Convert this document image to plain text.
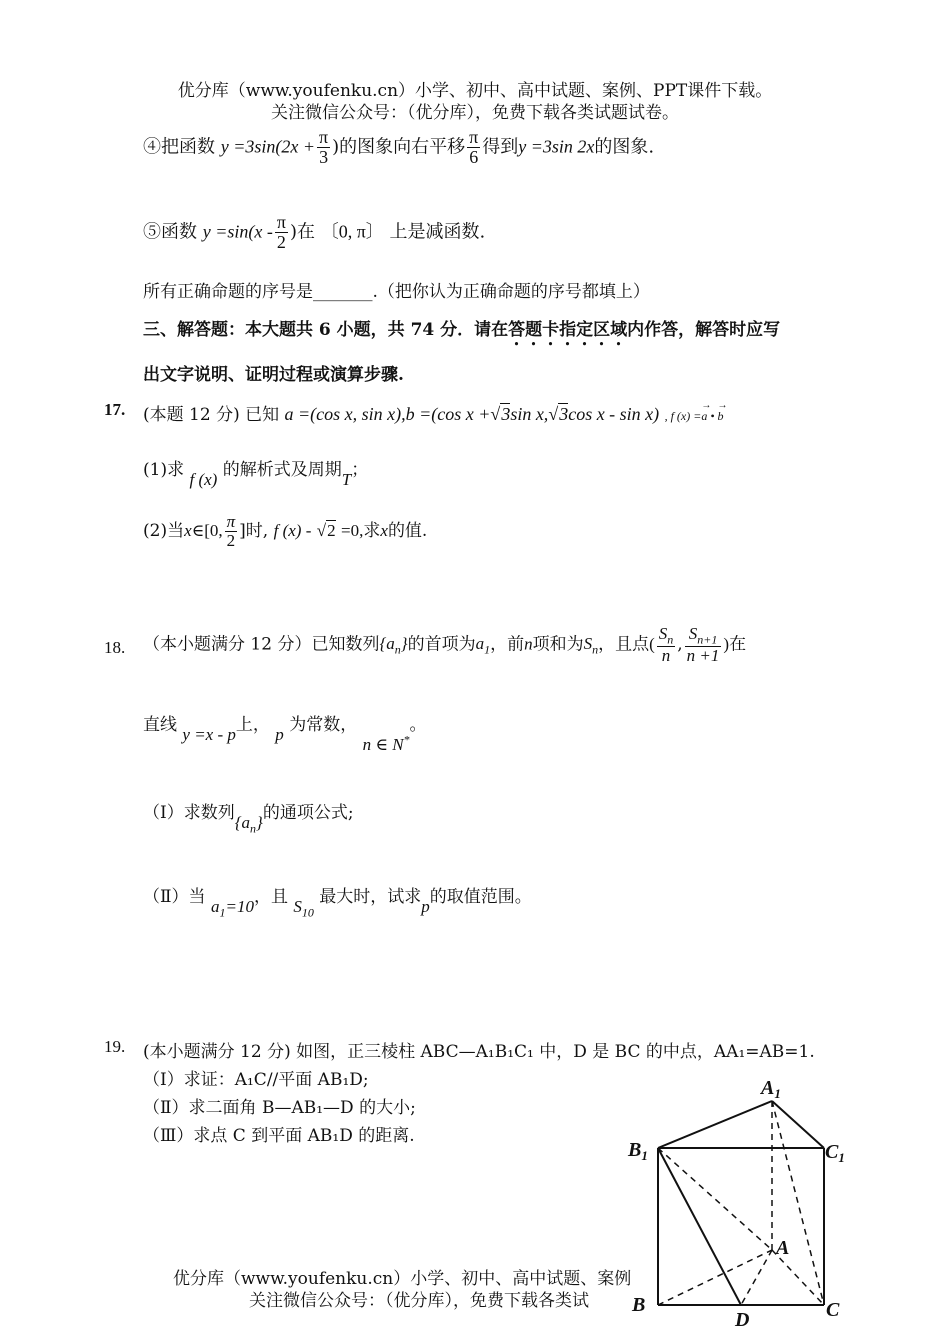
优分库（www.youfenku.cn）小学、初中、高中试题、案例、PPT课件下载。
关注微信公众号：（优分库），免费下载各类试题试卷。
④把函数 $y =3\sin(2x + \frac{\pi}{3}$ )的图象向右平移 $\frac{\pi}{6}$ 得到y =3sin 2x的图象.
⑤函数 $y =\sin(x - \frac{\pi}{2}$ )在 〔0, π〕 上是减函数.
所有正确命题的序号是_______.（把你认为正确命题的序号都填上）
三、解答题：本大题共 6 小题，共 74 分．请在答题卡指定区域内作答，解答时应写
出文字说明、证明过程或演算步骤.
17. (本题 12 分) 已知 a =(cos x, sin x),b =(cos x +√3sin x,√3cos x - sin x) , f (x) =→ a • → b
(1)求 f (x) 的解析式及周期T；
(2)当x∈[0, $\frac{\pi}{2}$ ]时, f (x) - √2 =0,求x的值.
18. （本小题满分 12 分）已知数列$\{a_n\}$的首项为$a_1$，前n项和为$S_n$，且点( $\frac{S_n}{n}$ , $\frac{S_{n+1}}{n +1}$ )在
直线 y =x - p上， p 为常数， n ∈ N*。
（Ⅰ）求数列$\{a_n\}$的通项公式;
（Ⅱ）当 $a_1=10$，且 $S_{10}$ 最大时，试求p的取值范围。
19. (本小题满分 12 分) 如图，正三棱柱 ABC—A₁B₁C₁ 中，D 是 BC 的中点，AA₁=AB=1.
（Ⅰ）求证：A₁C//平面 AB₁D;
（Ⅱ）求二面角 B—AB₁—D 的大小;
（Ⅲ）求点 C 到平面 AB₁D 的距离.
$A_1$
$B_1$	$C_1$
A
B	C
D
优分库（www.youfenku.cn）小学、初中、高中试题、案例
关注微信公众号：（优分库），免费下载各类试
